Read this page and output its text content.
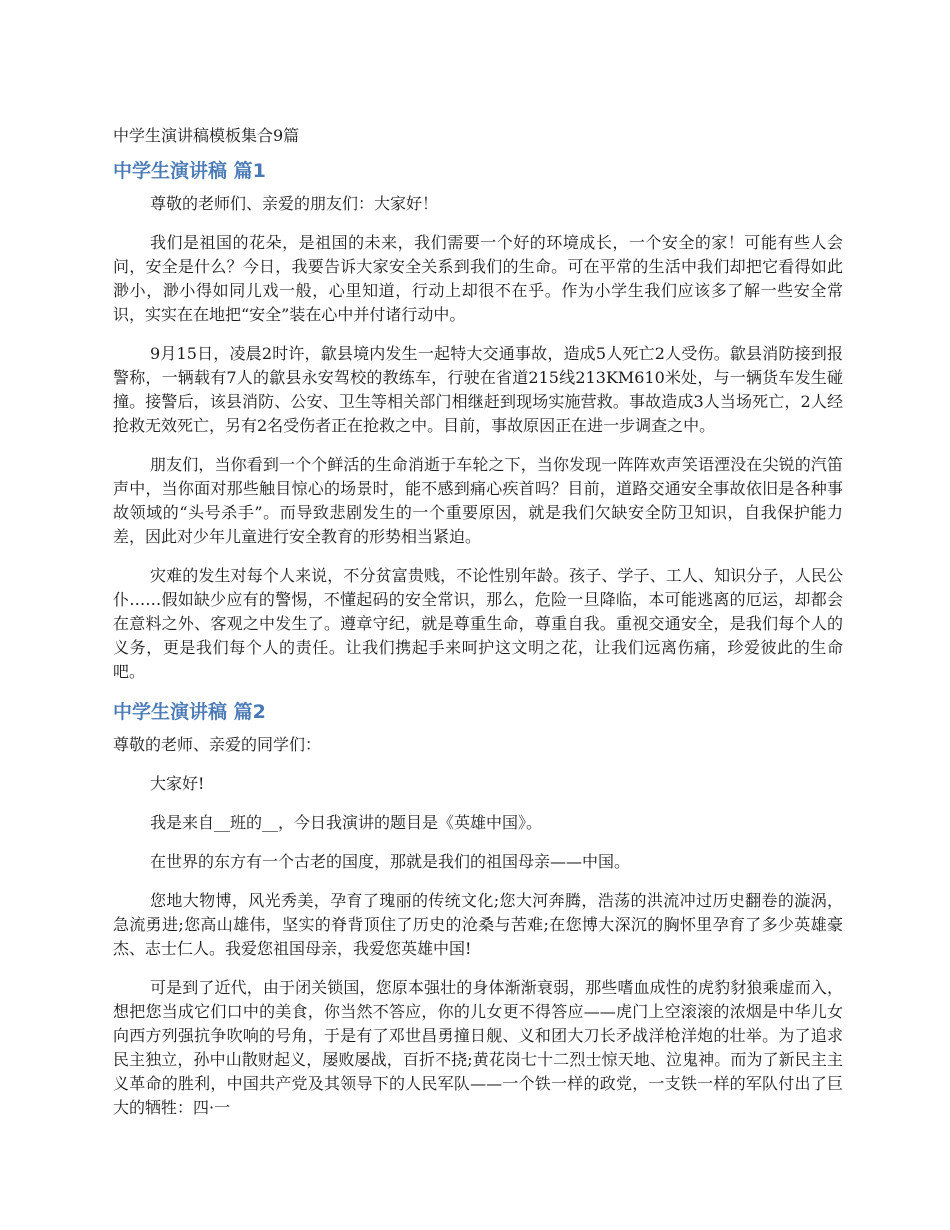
中学生演讲稿模板集合9篇
中学生演讲稿 篇1

尊敬的老师们、亲爱的朋友们：大家好！

我们是祖国的花朵，是祖国的未来，我们需要一个好的环境成长，一个安全的家！可能有些人会问，安全是什么？今日，我要告诉大家安全关系到我们的生命。可在平常的生活中我们却把它看得如此渺小，渺小得如同儿戏一般，心里知道，行动上却很不在乎。作为小学生我们应该多了解一些安全常识，实实在在地把“安全”装在心中并付诸行动中。

9月15日，凌晨2时许，歙县境内发生一起特大交通事故，造成5人死亡2人受伤。歙县消防接到报警称，一辆载有7人的歙县永安驾校的教练车，行驶在省道215线213KM610米处，与一辆货车发生碰撞。接警后，该县消防、公安、卫生等相关部门相继赶到现场实施营救。事故造成3人当场死亡，2人经抢救无效死亡，另有2名受伤者正在抢救之中。目前，事故原因正在进一步调查之中。

朋友们，当你看到一个个鲜活的生命消逝于车轮之下，当你发现一阵阵欢声笑语湮没在尖锐的汽笛声中，当你面对那些触目惊心的场景时，能不感到痛心疾首吗？目前，道路交通安全事故依旧是各种事故领域的“头号杀手”。而导致悲剧发生的一个重要原因，就是我们欠缺安全防卫知识，自我保护能力差，因此对少年儿童进行安全教育的形势相当紧迫。

灾难的发生对每个人来说，不分贫富贵贱，不论性别年龄。孩子、学子、工人、知识分子，人民公仆……假如缺少应有的警惕，不懂起码的安全常识，那么，危险一旦降临，本可能逃离的厄运，却都会在意料之外、客观之中发生了。遵章守纪，就是尊重生命，尊重自我。重视交通安全，是我们每个人的义务，更是我们每个人的责任。让我们携起手来呵护这文明之花，让我们远离伤痛，珍爱彼此的生命吧。

中学生演讲稿 篇2

尊敬的老师、亲爱的同学们：

大家好!

我是来自__班的__，今日我演讲的题目是《英雄中国》。

在世界的东方有一个古老的国度，那就是我们的祖国母亲——中国。

您地大物博，风光秀美，孕育了瑰丽的传统文化;您大河奔腾，浩荡的洪流冲过历史翻卷的漩涡，急流勇进;您高山雄伟，坚实的脊背顶住了历史的沧桑与苦难;在您博大深沉的胸怀里孕育了多少英雄豪杰、志士仁人。我爱您祖国母亲，我爱您英雄中国!

可是到了近代，由于闭关锁国，您原本强壮的身体渐渐衰弱，那些嗜血成性的虎豹豺狼乘虚而入，想把您当成它们口中的美食，你当然不答应，你的儿女更不得答应——虎门上空滚滚的浓烟是中华儿女向西方列强抗争吹响的号角，于是有了邓世昌勇撞日舰、义和团大刀长矛战洋枪洋炮的壮举。为了追求民主独立，孙中山散财起义，屡败屡战，百折不挠;黄花岗七十二烈士惊天地、泣鬼神。而为了新民主主义革命的胜利，中国共产党及其领导下的人民军队——一个铁一样的政党，一支铁一样的军队付出了巨大的牺牲：四·一
